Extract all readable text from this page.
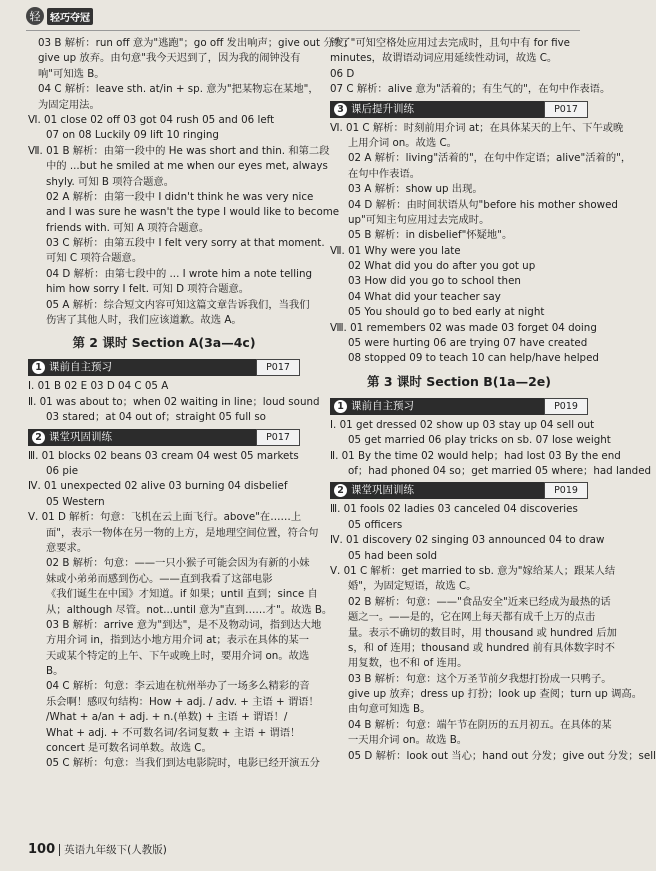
轻 轻巧夺冠
03 B 解析：run off 意为"逃跑"；go off 发出响声；give out 分发；
give up 放弃。由句意"我今天迟到了，因为我的闹钟没有
响"可知选 B。
04 C 解析：leave sth. at/in + sp. 意为"把某物忘在某地"，
为固定用法。
Ⅵ. 01 close 02 off 03 got 04 rush 05 and 06 left
07 on 08 Luckily 09 lift 10 ringing
Ⅶ. 01 B 解析：由第一段中的 He was short and thin. 和第二段
中的 ...but he smiled at me when our eyes met, always
shyly. 可知 B 项符合题意。
02 A 解析：由第一段中 I didn't think he was very nice
and I was sure he wasn't the type I would like to become
friends with. 可知 A 项符合题意。
03 C 解析：由第五段中 I felt very sorry at that moment.
可知 C 项符合题意。
04 D 解析：由第七段中的 ... I wrote him a note telling
him how sorry I felt. 可知 D 项符合题意。
05 A 解析：综合短文内容可知这篇文章告诉我们，当我们
伤害了其他人时，我们应该道歉。故选 A。
第 2 课时 Section A(3a—4c)
1 课前自主预习	P017
Ⅰ. 01 B 02 E 03 D 04 C 05 A
Ⅱ. 01 was about to；when 02 waiting in line；loud sound
03 stared；at 04 out of；straight 05 full so
2 课堂巩固训练	P017
Ⅲ. 01 blocks 02 beans 03 cream 04 west 05 markets
06 pie
Ⅳ. 01 unexpected 02 alive 03 burning 04 disbelief
05 Western
Ⅴ. 01 D 解析：句意：飞机在云上面飞行。above"在……上
面"，表示一物体在另一物的上方，是地理空间位置，符合句
意要求。
02 B 解析：句意：——一只小猴子可能会因为有新的小妹
妹或小弟弟而感到伤心。——直到我看了这部电影
《我们诞生在中国》才知道。if 如果；until 直到；since 自
从；although 尽管。not...until 意为"直到……才"。故选 B。
03 B 解析：arrive 意为"到达"，是不及物动词，指到达大地
方用介词 in，指到达小地方用介词 at；表示在具体的某一
天或某个特定的上午、下午或晚上时，要用介词 on。故选
B。
04 C 解析：句意：李云迪在杭州举办了一场多么精彩的音
乐会啊！感叹句结构：How + adj. / adv. + 主语 + 谓语！
/What + a/an + adj. + n.(单数) + 主语 + 谓语！/
What + adj. + 不可数名词/名词复数 + 主语 + 谓语！
concert 是可数名词单数。故选 C。
05 C 解析：句意：当我们到达电影院时，电影已经开演五分
钟了"可知空格处应用过去完成时，且句中有 for five
minutes，故谓语动词应用延续性动词，故选 C。
06 D
07 C 解析：alive 意为"活着的；有生气的"，在句中作表语。
3 课后提升训练	P017
Ⅵ. 01 C 解析：时刻前用介词 at；在具体某天的上午、下午或晚
上用介词 on。故选 C。
02 A 解析：living"活着的"，在句中作定语；alive"活着的"，
在句中作表语。
03 A 解析：show up 出现。
04 D 解析：由时间状语从句"before his mother showed
up"可知主句应用过去完成时。
05 B 解析：in disbelief"怀疑地"。
Ⅶ. 01 Why were you late
02 What did you do after you got up
03 How did you go to school then
04 What did your teacher say
05 You should go to bed early at night
Ⅷ. 01 remembers 02 was made 03 forget 04 doing
05 were hurting 06 are trying 07 have created
08 stopped 09 to teach 10 can help/have helped
第 3 课时 Section B(1a—2e)
1 课前自主预习	P019
Ⅰ. 01 get dressed 02 show up 03 stay up 04 sell out
05 get married 06 play tricks on sb. 07 lose weight
Ⅱ. 01 By the time 02 would help；had lost 03 By the end
of；had phoned 04 so；get married 05 where；had landed
2 课堂巩固训练	P019
Ⅲ. 01 fools 02 ladies 03 canceled 04 discoveries
05 officers
Ⅳ. 01 discovery 02 singing 03 announced 04 to draw
05 had been sold
Ⅴ. 01 C 解析：get married to sb. 意为"嫁给某人；跟某人结
婚"，为固定短语，故选 C。
02 B 解析：句意：——"食品安全"近来已经成为最热的话
题之一。——是的，它在网上每天都有成千上万的点击
量。表示不确切的数目时，用 thousand 或 hundred 后加
s，和 of 连用；thousand 或 hundred 前有具体数字时不
用复数，也不和 of 连用。
03 B 解析：句意：这个万圣节前夕我想打扮成一只鸭子。
give up 放弃；dress up 打扮；look up 查阅；turn up 调高。
由句意可知选 B。
04 B 解析：句意：端午节在阴历的五月初五。在具体的某
一天用介词 on。故选 B。
05 D 解析：look out 当心；hand out 分发；give out 分发；sell
100 英语九年级下(人教版)
